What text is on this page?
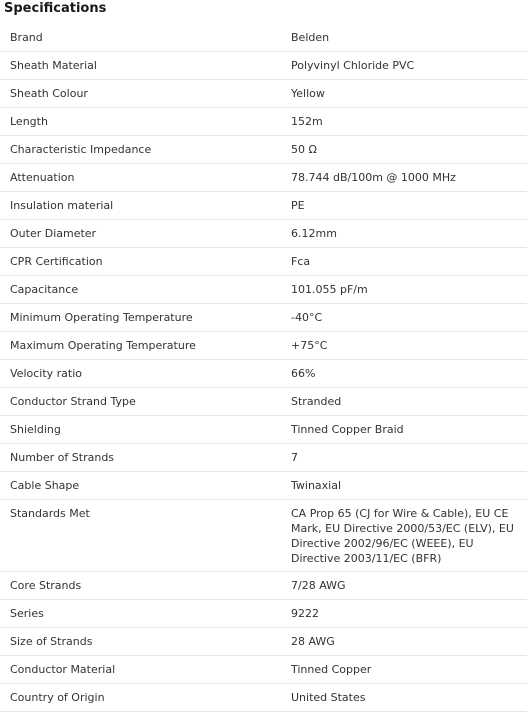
Specifications
Brand	Belden
Sheath Material	Polyvinyl Chloride PVC
Sheath Colour	Yellow
Length	152m
Characteristic Impedance	50 Ω
Attenuation	78.744 dB/100m @ 1000 MHz
Insulation material	PE
Outer Diameter	6.12mm
CPR Certification	Fca
Capacitance	101.055 pF/m
Minimum Operating Temperature	-40°C
Maximum Operating Temperature	+75°C
Velocity ratio	66%
Conductor Strand Type	Stranded
Shielding	Tinned Copper Braid
Number of Strands	7
Cable Shape	Twinaxial
Standards Met	CA Prop 65 (CJ for Wire & Cable), EU CE Mark, EU Directive 2000/53/EC (ELV), EU Directive 2002/96/EC (WEEE), EU Directive 2003/11/EC (BFR)
Core Strands	7/28 AWG
Series	9222
Size of Strands	28 AWG
Conductor Material	Tinned Copper
Country of Origin	United States
